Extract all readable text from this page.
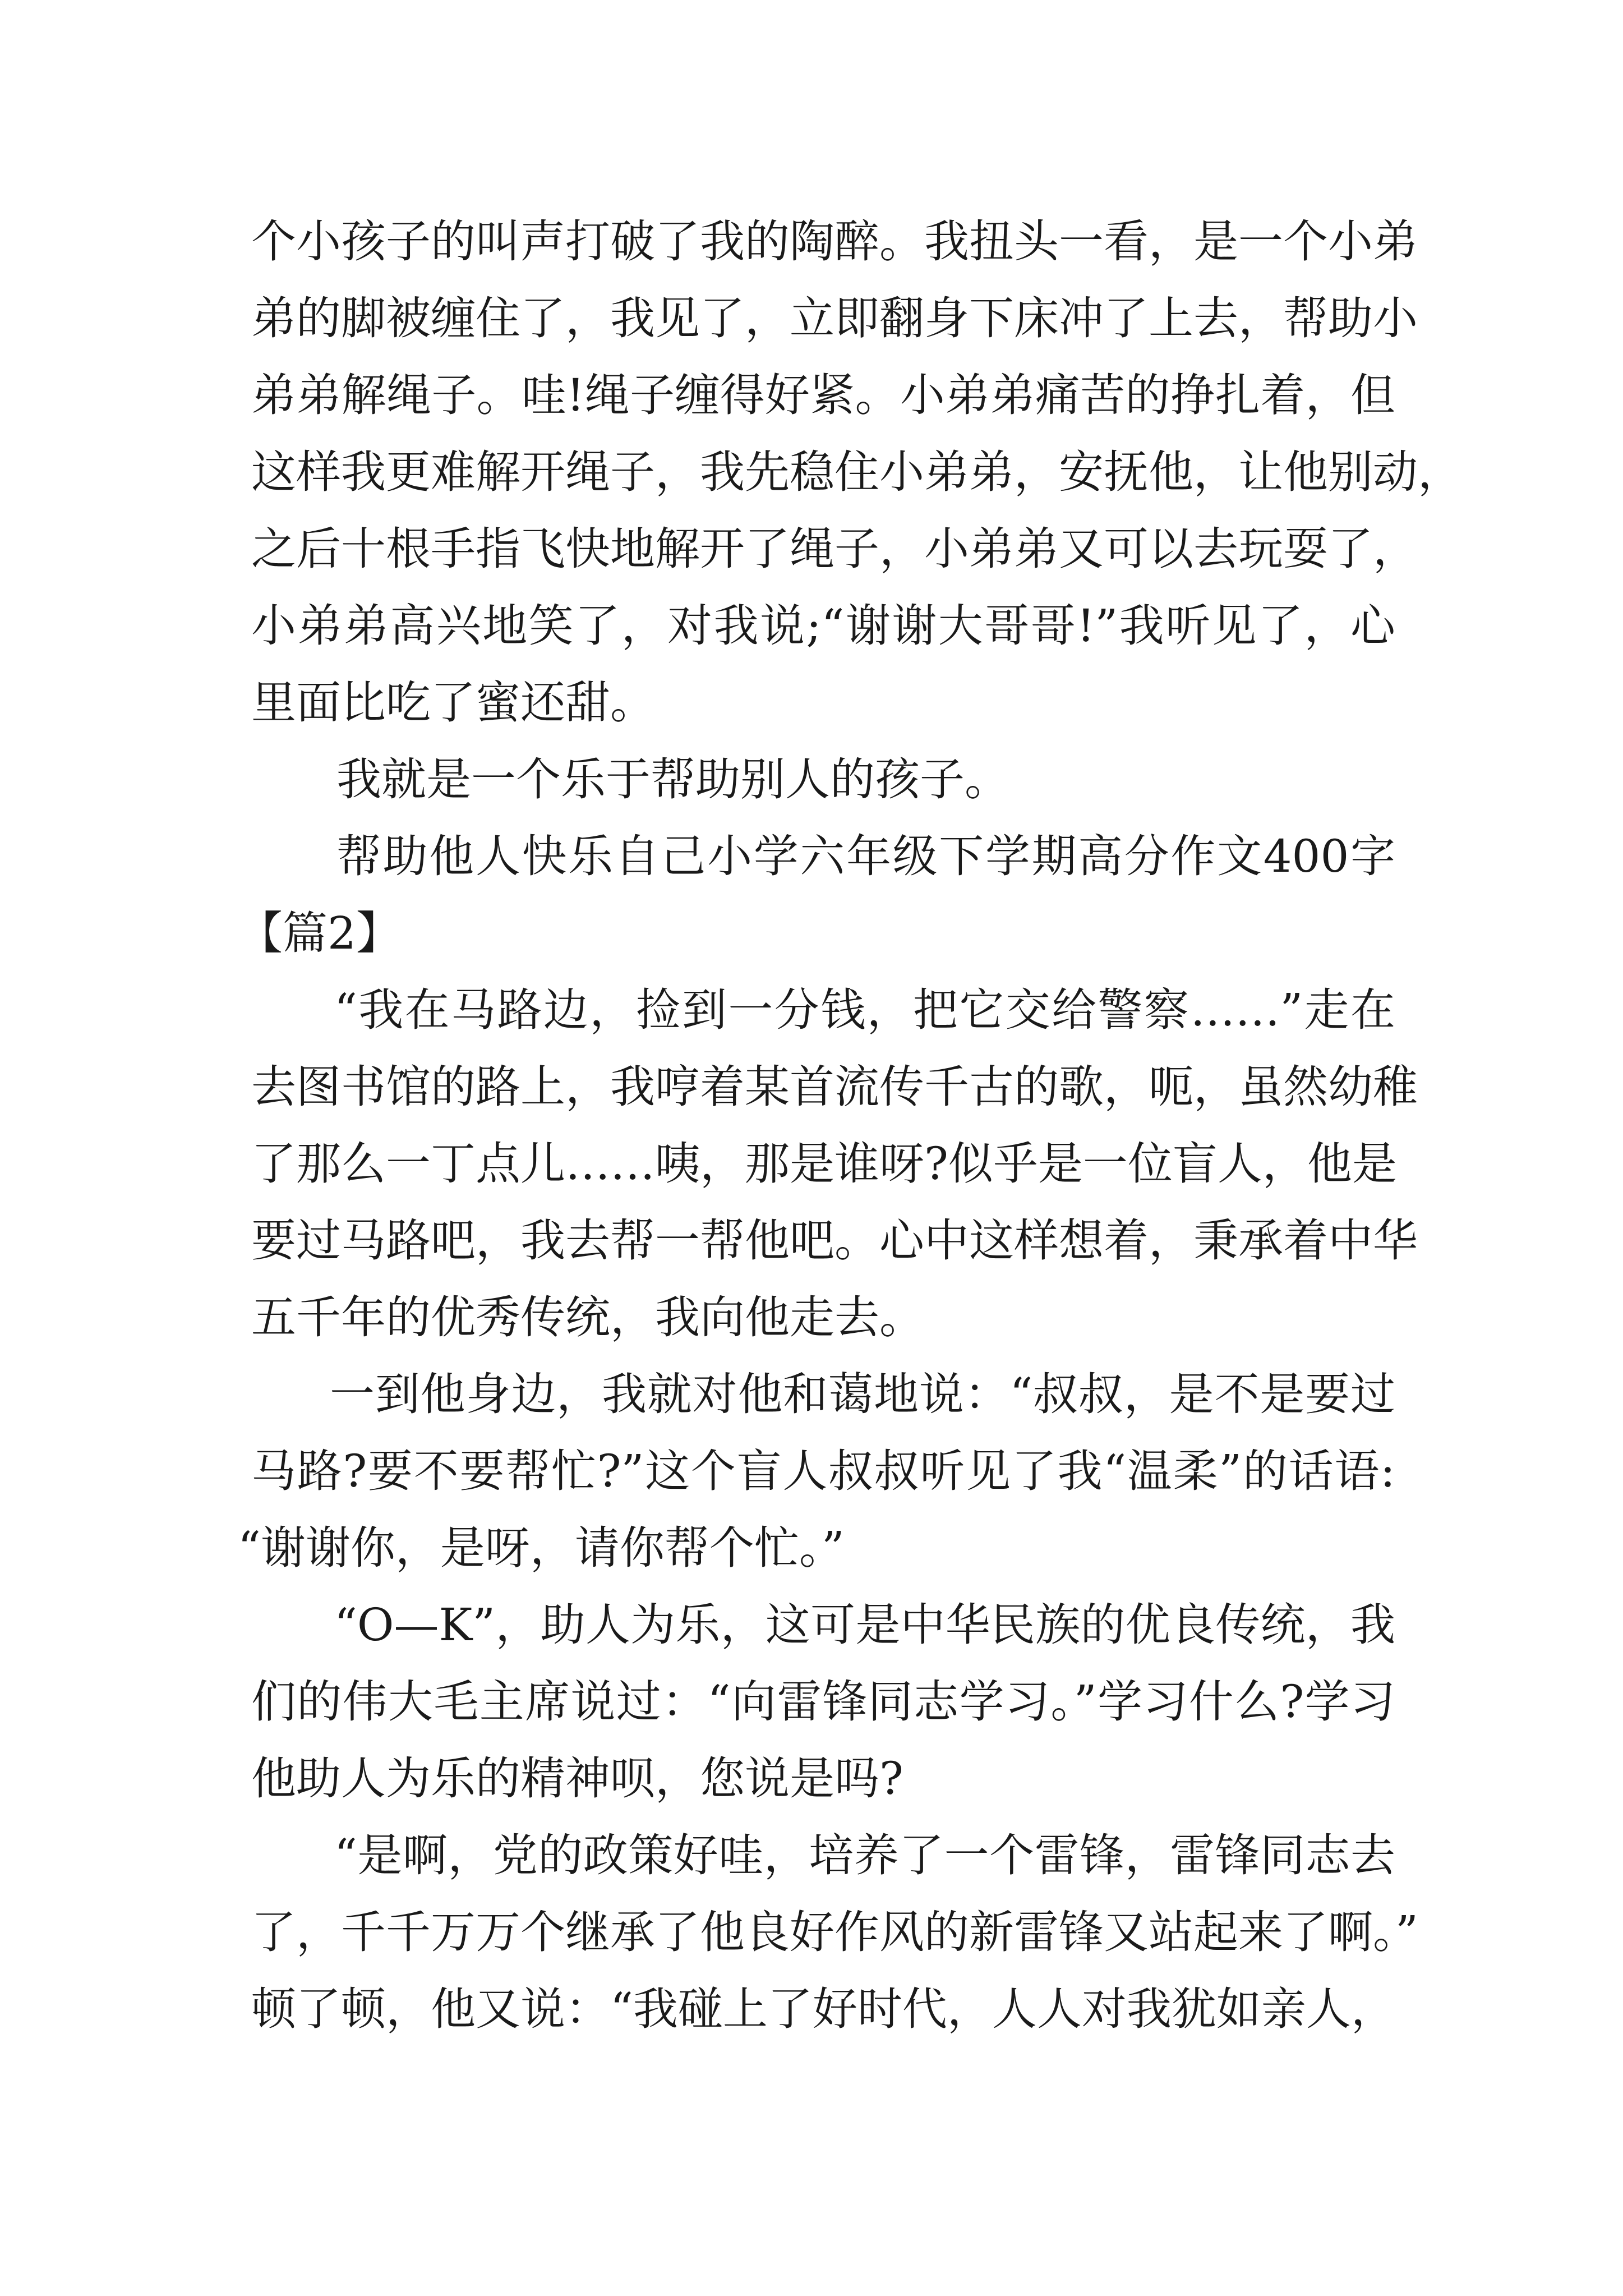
个小孩子的叫声打破了我的陶醉。我扭头一看，是一个小弟
弟的脚被缠住了，我见了，立即翻身下床冲了上去，帮助小
弟弟解绳子。哇!绳子缠得好紧。小弟弟痛苦的挣扎着，但
这样我更难解开绳子，我先稳住小弟弟，安抚他，让他别动，
之后十根手指飞快地解开了绳子，小弟弟又可以去玩耍了，
小弟弟高兴地笑了，对我说;“谢谢大哥哥!”我听见了，心
里面比吃了蜜还甜。
我就是一个乐于帮助别人的孩子。
帮助他人快乐自己小学六年级下学期高分作文400字
【篇2】
“我在马路边，捡到一分钱，把它交给警察……”走在
去图书馆的路上，我哼着某首流传千古的歌，呃，虽然幼稚
了那么一丁点儿……咦，那是谁呀?似乎是一位盲人，他是
要过马路吧，我去帮一帮他吧。心中这样想着，秉承着中华
五千年的优秀传统，我向他走去。
一到他身边，我就对他和蔼地说：“叔叔，是不是要过
马路?要不要帮忙?”这个盲人叔叔听见了我“温柔”的话语:
“谢谢你，是呀，请你帮个忙。”
“O—K”，助人为乐，这可是中华民族的优良传统，我
们的伟大毛主席说过：“向雷锋同志学习。”学习什么?学习
他助人为乐的精神呗，您说是吗?
“是啊，党的政策好哇，培养了一个雷锋，雷锋同志去
了，千千万万个继承了他良好作风的新雷锋又站起来了啊。”
顿了顿，他又说：“我碰上了好时代，人人对我犹如亲人，
